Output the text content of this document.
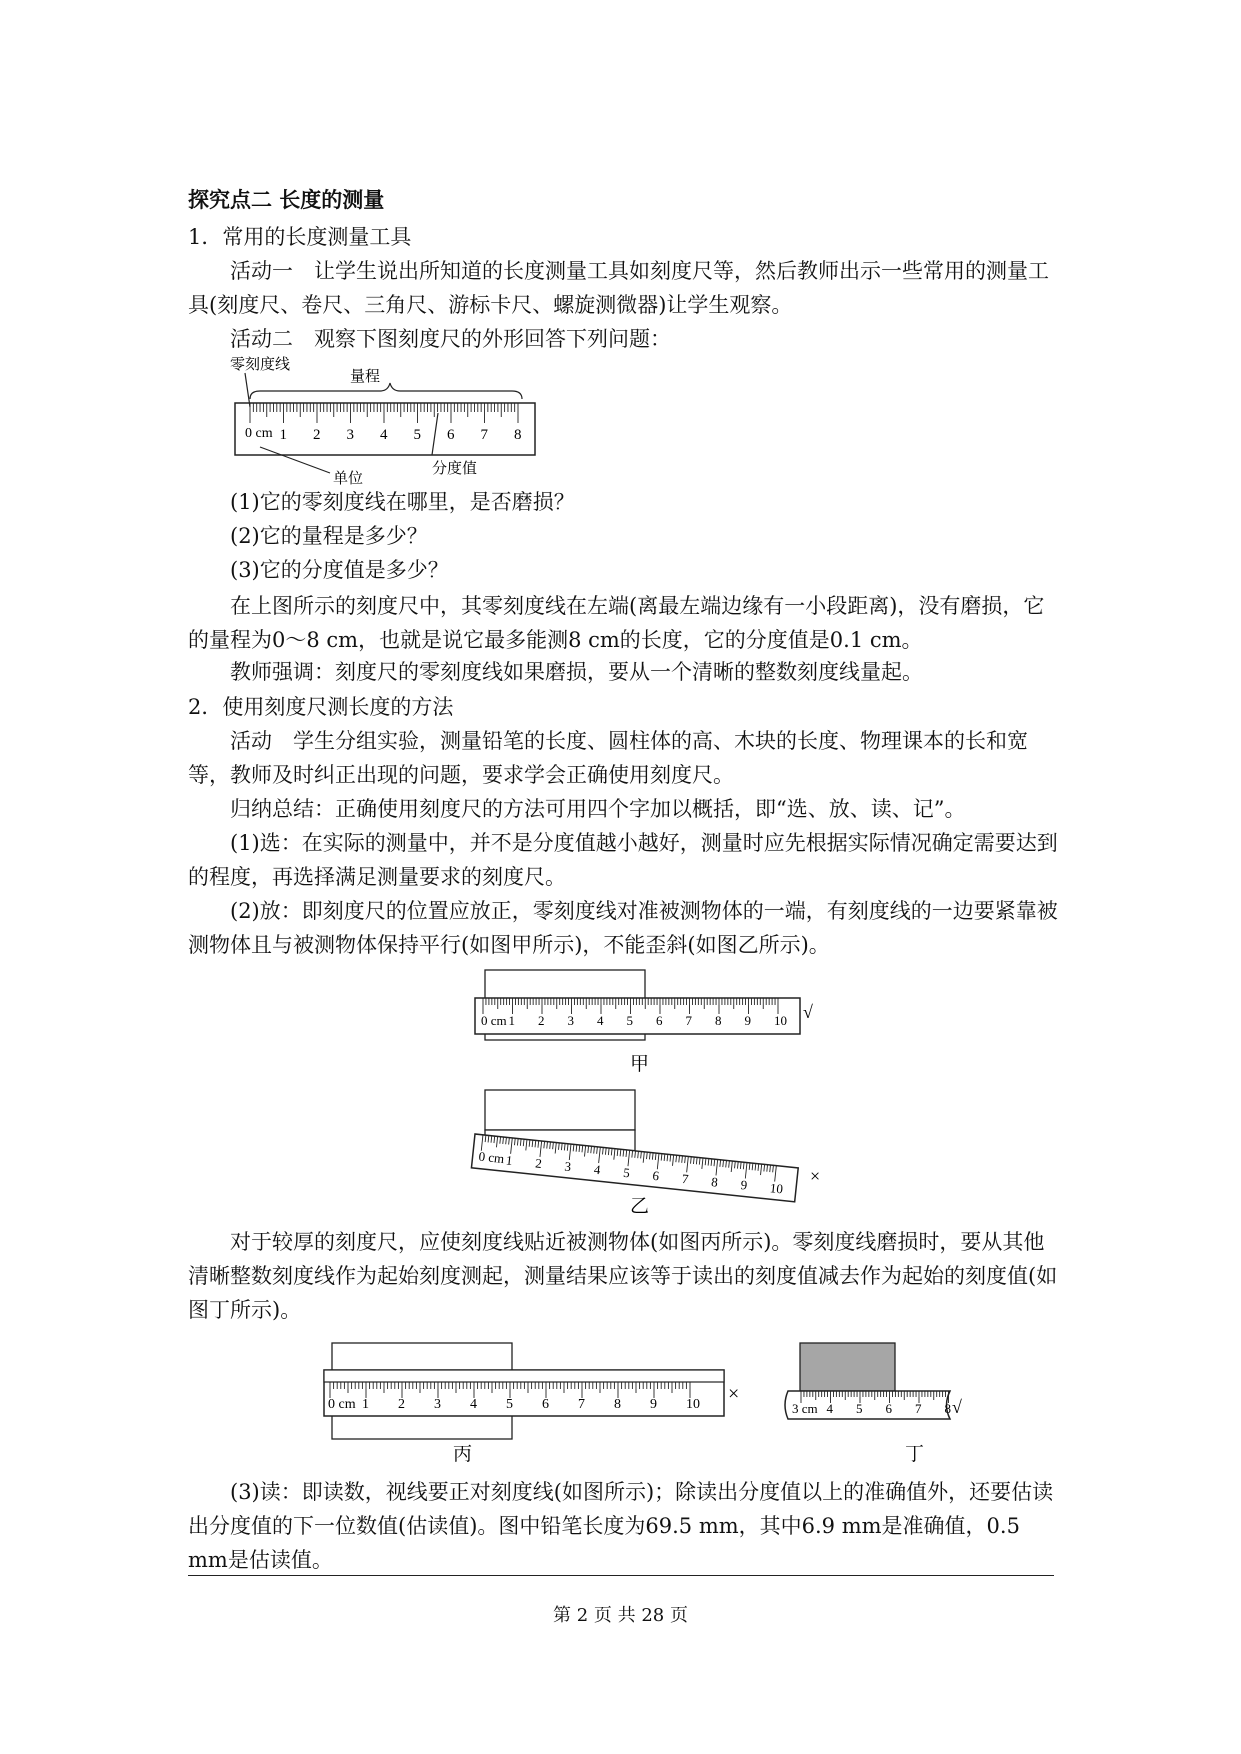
探究点二 长度的测量

1．常用的长度测量工具

活动一　让学生说出所知道的长度测量工具如刻度尺等，然后教师出示一些常用的测量工具(刻度尺、卷尺、三角尺、游标卡尺、螺旋测微器)让学生观察。

活动二　观察下图刻度尺的外形回答下列问题：

0 cm 1 2 3 4 5 6 7 8
量程
零刻度线
单位
分度值

(1)它的零刻度线在哪里，是否磨损？

(2)它的量程是多少？

(3)它的分度值是多少？

在上图所示的刻度尺中，其零刻度线在左端(离最左端边缘有一小段距离)，没有磨损，它的量程为0～8 cm，也就是说它最多能测8 cm的长度，它的分度值是0.1 cm。

教师强调：刻度尺的零刻度线如果磨损，要从一个清晰的整数刻度线量起。

2．使用刻度尺测长度的方法

活动　学生分组实验，测量铅笔的长度、圆柱体的高、木块的长度、物理课本的长和宽等，教师及时纠正出现的问题，要求学会正确使用刻度尺。

归纳总结：正确使用刻度尺的方法可用四个字加以概括，即“选、放、读、记”。

(1)选：在实际的测量中，并不是分度值越小越好，测量时应先根据实际情况确定需要达到的程度，再选择满足测量要求的刻度尺。

(2)放：即刻度尺的位置应放正，零刻度线对准被测物体的一端，有刻度线的一边要紧靠被测物体且与被测物体保持平行(如图甲所示)，不能歪斜(如图乙所示)。

0 cm 1 2 3 4 5 6 7 8 9 10 √
甲
0 cm 1 2 3 4 5 6 7 8 9 10
×
乙

对于较厚的刻度尺，应使刻度线贴近被测物体(如图丙所示)。零刻度线磨损时，要从其他清晰整数刻度线作为起始刻度测起，测量结果应该等于读出的刻度值减去作为起始的刻度值(如图丁所示)。

0 cm 1 2 3 4 5 6 7 8 9 10 ×
丙
3 cm 4 5 6 7 8 √
丁

(3)读：即读数，视线要正对刻度线(如图所示)；除读出分度值以上的准确值外，还要估读出分度值的下一位数值(估读值)。图中铅笔长度为69.5 mm，其中6.9 mm是准确值，0.5 mm是估读值。

第 2 页 共 28 页
